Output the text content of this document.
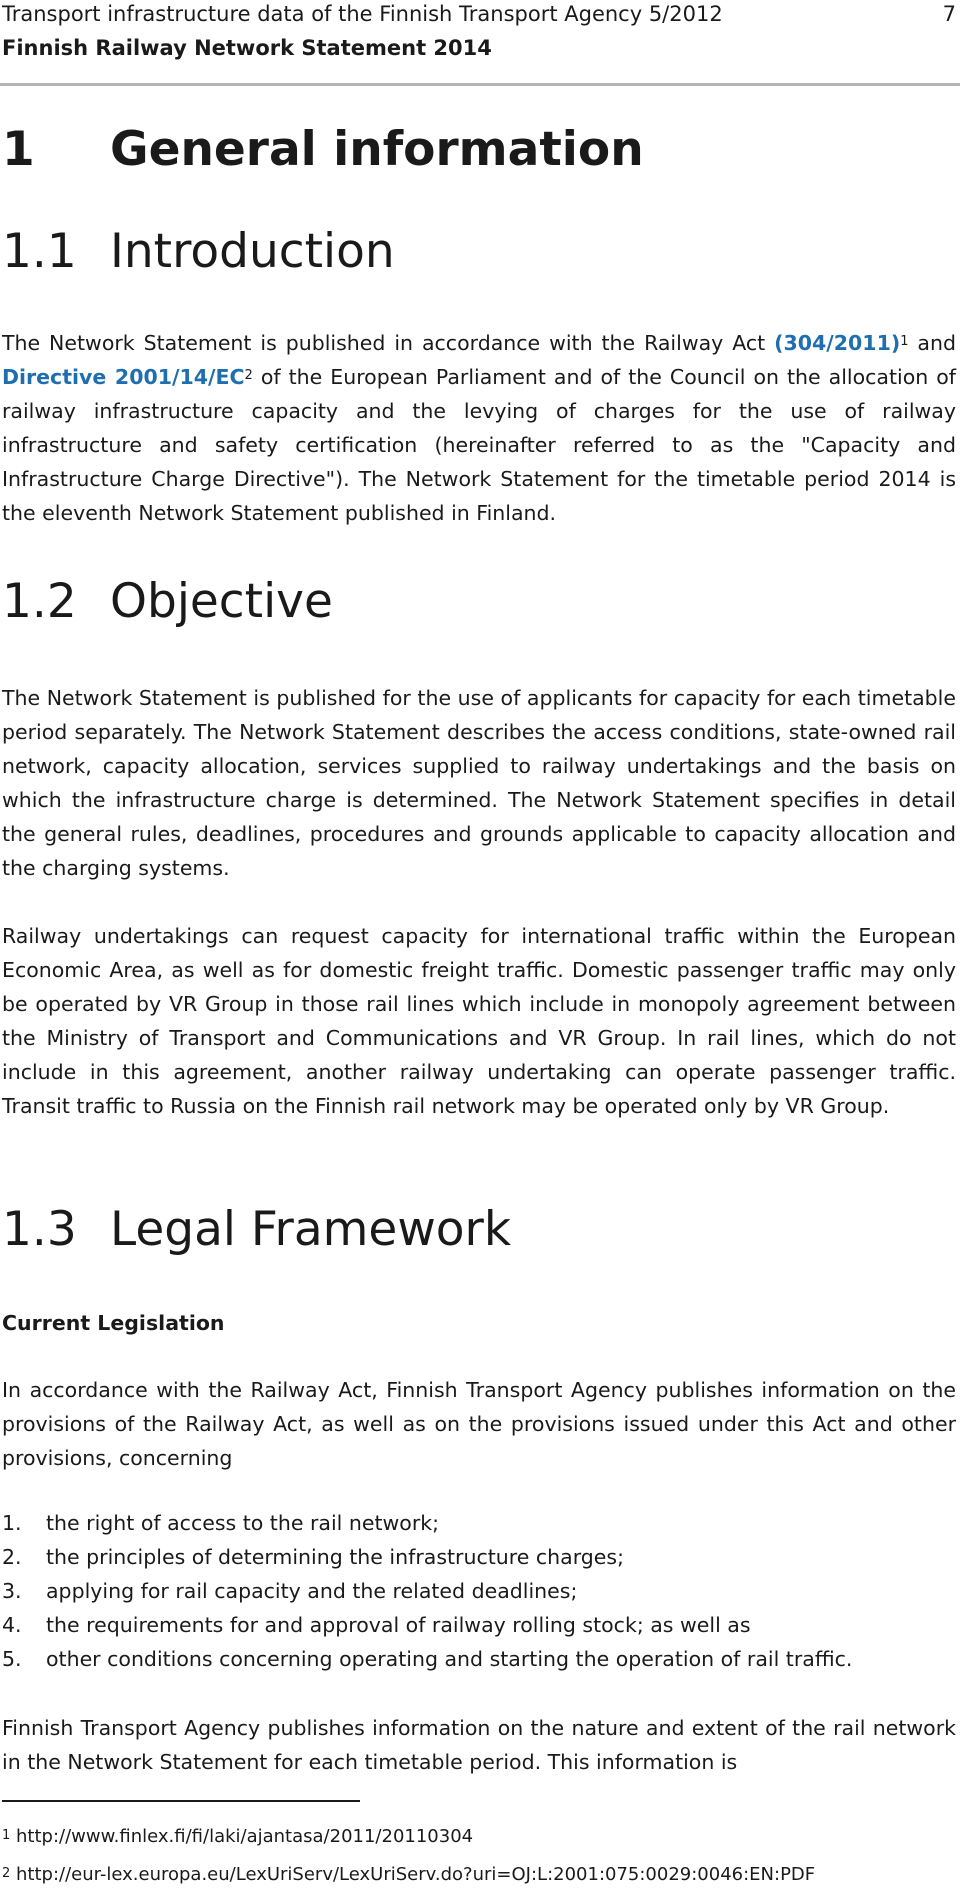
Transport infrastructure data of the Finnish Transport Agency 5/2012
Finnish Railway Network Statement 2014
7
1 General information
1.1 Introduction

The Network Statement is published in accordance with the Railway Act $(304/2011)^1$ and Directive $2001/14/EC^2$ of the European Parliament and of the Council on the allocation of railway infrastructure capacity and the levying of charges for the use of railway infrastructure and safety certification (hereinafter referred to as the "Capacity and Infrastructure Charge Directive"). The Network Statement for the timetable period 2014 is the eleventh Network Statement published in Finland.

1.2 Objective

The Network Statement is published for the use of applicants for capacity for each timetable period separately. The Network Statement describes the access conditions, state-owned rail network, capacity allocation, services supplied to railway undertakings and the basis on which the infrastructure charge is determined. The Network Statement specifies in detail the general rules, deadlines, procedures and grounds applicable to capacity allocation and the charging systems.

Railway undertakings can request capacity for international traffic within the European Economic Area, as well as for domestic freight traffic. Domestic passenger traffic may only be operated by VR Group in those rail lines which include in monopoly agreement between the Ministry of Transport and Communications and VR Group. In rail lines, which do not include in this agreement, another railway undertaking can operate passenger traffic. Transit traffic to Russia on the Finnish rail network may be operated only by VR Group.

1.3 Legal Framework
Current Legislation

In accordance with the Railway Act, Finnish Transport Agency publishes information on the provisions of the Railway Act, as well as on the provisions issued under this Act and other provisions, concerning

1.	the right of access to the rail network;
2.	the principles of determining the infrastructure charges;
3.	applying for rail capacity and the related deadlines;
4.	the requirements for and approval of railway rolling stock; as well as
5.	other conditions concerning operating and starting the operation of rail traffic.

Finnish Transport Agency publishes information on the nature and extent of the rail network in the Network Statement for each timetable period. This information is

$^1$ http://www.finlex.fi/fi/laki/ajantasa/2011/20110304
$^2$ http://eur-lex.europa.eu/LexUriServ/LexUriServ.do?uri=OJ:L:2001:075:0029:0046:EN:PDF
